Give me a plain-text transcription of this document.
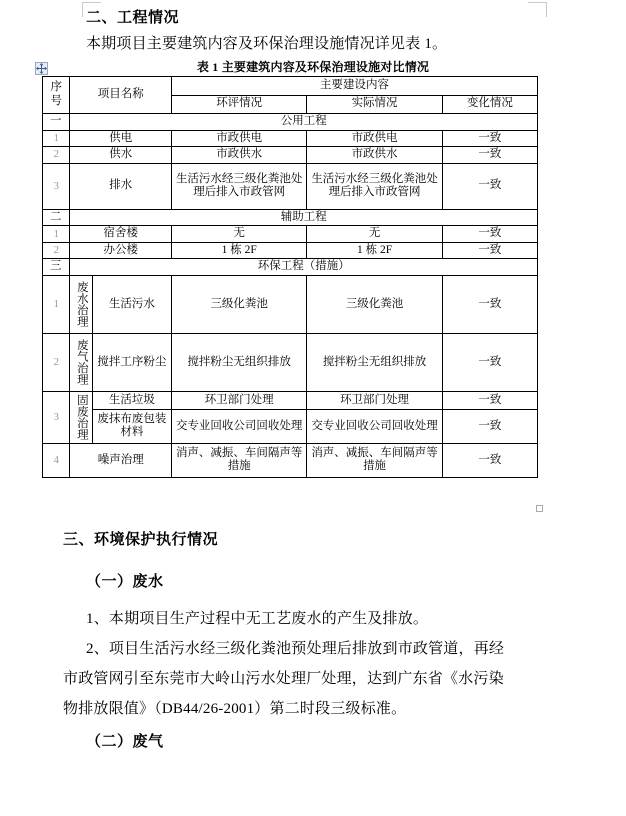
二、工程情况
本期项目主要建筑内容及环保治理设施情况详见表 1。
表 1 主要建筑内容及环保治理设施对比情况
序
号	项目名称		主要建设内容		
			环评情况	实际情况	变化情况
一	公用工程				
1	供电		市政供电	市政供电	一致
2	供水		市政供水	市政供水	一致
3	排水		生活污水经三级化粪池处理后排入市政管网	生活污水经三级化粪池处理后排入市政管网	一致
二	辅助工程				
1	宿舍楼		无	无	一致
2	办公楼		1 栋 2F	1 栋 2F	一致
三	环保工程（措施）				
1	废水治理	生活污水	三级化粪池	三级化粪池	一致
2	废气治理	搅拌工序粉尘	搅拌粉尘无组织排放	搅拌粉尘无组织排放	一致
3	固废治理	生活垃圾	环卫部门处理	环卫部门处理	一致
		废抹布废包装材料	交专业回收公司回收处理	交专业回收公司回收处理	一致
4	噪声治理		消声、减振、车间隔声等措施	消声、减振、车间隔声等措施	一致
三、环境保护执行情况
（一）废水
1、本期项目生产过程中无工艺废水的产生及排放。
2、项目生活污水经三级化粪池预处理后排放到市政管道，再经
市政管网引至东莞市大岭山污水处理厂处理，达到广东省《水污染
物排放限值》（DB44/26-2001）第二时段三级标准。
（二）废气
